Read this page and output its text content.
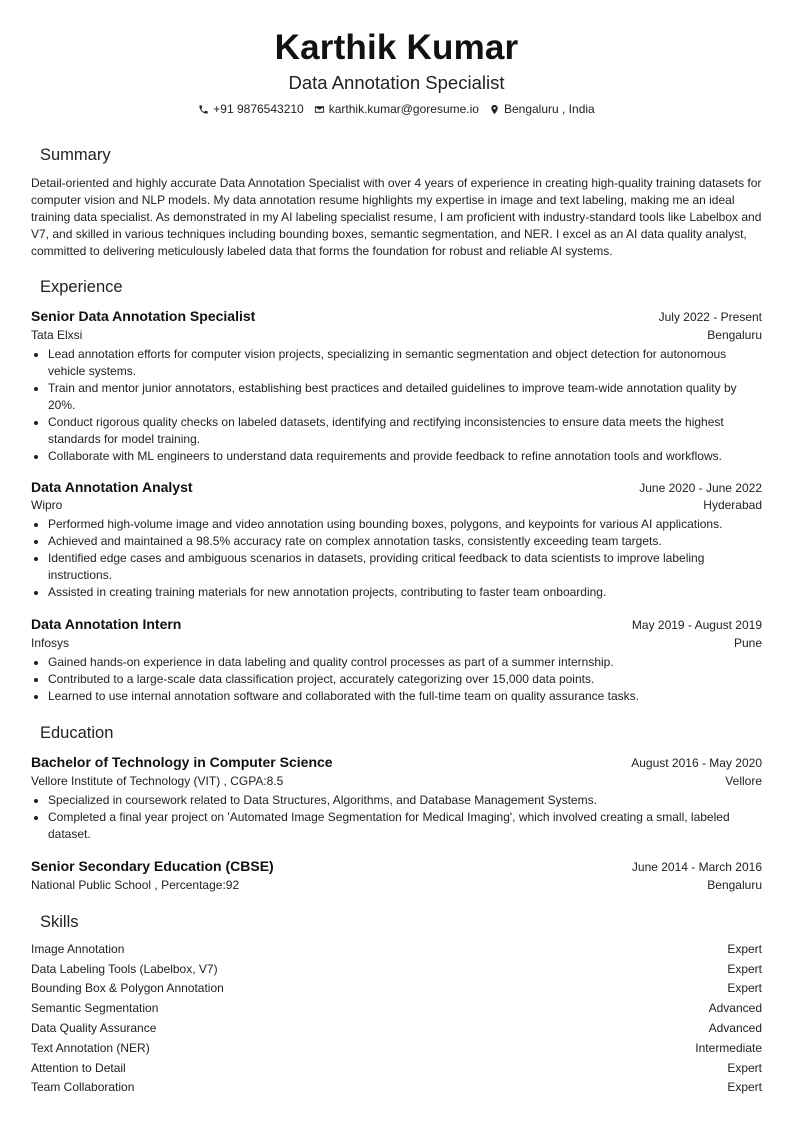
Karthik Kumar
Data Annotation Specialist
+91 9876543210 karthik.kumar@goresume.io Bengaluru , India
Summary
Detail-oriented and highly accurate Data Annotation Specialist with over 4 years of experience in creating high-quality training datasets for computer vision and NLP models. My data annotation resume highlights my expertise in image and text labeling, making me an ideal training data specialist. As demonstrated in my AI labeling specialist resume, I am proficient with industry-standard tools like Labelbox and V7, and skilled in various techniques including bounding boxes, semantic segmentation, and NER. I excel as an AI data quality analyst, committed to delivering meticulously labeled data that forms the foundation for robust and reliable AI systems.
Experience
Senior Data Annotation Specialist	July 2022 - Present
Tata Elxsi	Bengaluru
Lead annotation efforts for computer vision projects, specializing in semantic segmentation and object detection for autonomous vehicle systems.
Train and mentor junior annotators, establishing best practices and detailed guidelines to improve team-wide annotation quality by 20%.
Conduct rigorous quality checks on labeled datasets, identifying and rectifying inconsistencies to ensure data meets the highest standards for model training.
Collaborate with ML engineers to understand data requirements and provide feedback to refine annotation tools and workflows.
Data Annotation Analyst	June 2020 - June 2022
Wipro	Hyderabad
Performed high-volume image and video annotation using bounding boxes, polygons, and keypoints for various AI applications.
Achieved and maintained a 98.5% accuracy rate on complex annotation tasks, consistently exceeding team targets.
Identified edge cases and ambiguous scenarios in datasets, providing critical feedback to data scientists to improve labeling instructions.
Assisted in creating training materials for new annotation projects, contributing to faster team onboarding.
Data Annotation Intern	May 2019 - August 2019
Infosys	Pune
Gained hands-on experience in data labeling and quality control processes as part of a summer internship.
Contributed to a large-scale data classification project, accurately categorizing over 15,000 data points.
Learned to use internal annotation software and collaborated with the full-time team on quality assurance tasks.
Education
Bachelor of Technology in Computer Science	August 2016 - May 2020
Vellore Institute of Technology (VIT) , CGPA:8.5	Vellore
Specialized in coursework related to Data Structures, Algorithms, and Database Management Systems.
Completed a final year project on 'Automated Image Segmentation for Medical Imaging', which involved creating a small, labeled dataset.
Senior Secondary Education (CBSE)	June 2014 - March 2016
National Public School , Percentage:92	Bengaluru
Skills
Image Annotation	Expert
Data Labeling Tools (Labelbox, V7)	Expert
Bounding Box & Polygon Annotation	Expert
Semantic Segmentation	Advanced
Data Quality Assurance	Advanced
Text Annotation (NER)	Intermediate
Attention to Detail	Expert
Team Collaboration	Expert
